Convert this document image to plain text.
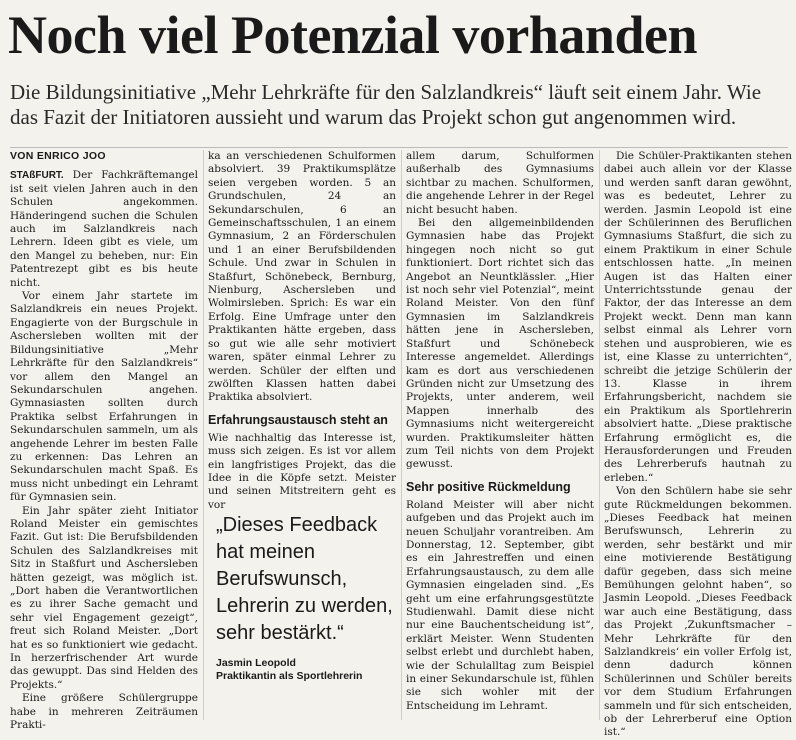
Noch viel Potenzial vorhanden
Die Bildungsinitiative „Mehr Lehrkräfte für den Salzlandkreis“ läuft seit einem Jahr. Wie das Fazit der Initiatoren aussieht und warum das Projekt schon gut angenommen wird.
VON ENRICO JOO

STAßFURT. Der Fachkräftemangel ist seit vielen Jahren auch in den Schulen angekommen. Händeringend suchen die Schulen auch im Salzlandkreis nach Lehrern. Ideen gibt es viele, um den Mangel zu beheben, nur: Ein Patentrezept gibt es bis heute nicht.

Vor einem Jahr startete im Salzlandkreis ein neues Projekt. Engagierte von der Burgschule in Aschersleben wollten mit der Bildungsinitiative „Mehr Lehrkräfte für den Salzlandkreis“ vor allem den Mangel an Sekundarschulen angehen. Gymnasiasten sollten durch Praktika selbst Erfahrungen in Sekundarschulen sammeln, um als angehende Lehrer im besten Falle zu erkennen: Das Lehren an Sekundarschulen macht Spaß. Es muss nicht unbedingt ein Lehramt für Gymnasien sein.

Ein Jahr später zieht Initiator Roland Meister ein gemischtes Fazit. Gut ist: Die Berufsbildenden Schulen des Salzlandkreises mit Sitz in Staßfurt und Aschersleben hätten gezeigt, was möglich ist. „Dort haben die Verantwortlichen es zu ihrer Sache gemacht und sehr viel Engagement gezeigt“, freut sich Roland Meister. „Dort hat es so funktioniert wie gedacht. In herzerfrischender Art wurde das gewuppt. Das sind Helden des Projekts.“

Eine größere Schülergruppe habe in mehreren Zeiträumen Prakti-

ka an verschiedenen Schulformen absolviert. 39 Praktikumsplätze seien vergeben worden. 5 an Grundschulen, 24 an Sekundarschulen, 6 an Gemeinschaftsschulen, 1 an einem Gymnasium, 2 an Förderschulen und 1 an einer Berufsbildenden Schule. Und zwar in Schulen in Staßfurt, Schönebeck, Bernburg, Nienburg, Aschersleben und Wolmirsleben. Sprich: Es war ein Erfolg. Eine Umfrage unter den Praktikanten hätte ergeben, dass so gut wie alle sehr motiviert waren, später einmal Lehrer zu werden. Schüler der elften und zwölften Klassen hatten dabei Praktika absolviert.

Erfahrungsaustausch steht an

Wie nachhaltig das Interesse ist, muss sich zeigen. Es ist vor allem ein langfristiges Projekt, das die Idee in die Köpfe setzt. Meister und seinen Mitstreitern geht es vor

„Dieses Feedback hat meinen Berufswunsch, Lehrerin zu werden, sehr bestärkt.“
Jasmin Leopold
Praktikantin als Sportlehrerin

allem darum, Schulformen außerhalb des Gymnasiums sichtbar zu machen. Schulformen, die angehende Lehrer in der Regel nicht besucht haben.

Bei den allgemeinbildenden Gymnasien habe das Projekt hingegen noch nicht so gut funktioniert. Dort richtet sich das Angebot an Neuntklässler. „Hier ist noch sehr viel Potenzial“, meint Roland Meister. Von den fünf Gymnasien im Salzlandkreis hätten jene in Aschersleben, Staßfurt und Schönebeck Interesse angemeldet. Allerdings kam es dort aus verschiedenen Gründen nicht zur Umsetzung des Projekts, unter anderem, weil Mappen innerhalb des Gymnasiums nicht weitergereicht wurden. Praktikumsleiter hätten zum Teil nichts von dem Projekt gewusst.

Sehr positive Rückmeldung

Roland Meister will aber nicht aufgeben und das Projekt auch im neuen Schuljahr vorantreiben. Am Donnerstag, 12. September, gibt es ein Jahrestreffen und einen Erfahrungsaustausch, zu dem alle Gymnasien eingeladen sind. „Es geht um eine erfahrungsgestützte Studienwahl. Damit diese nicht nur eine Bauchentscheidung ist“, erklärt Meister. Wenn Studenten selbst erlebt und durchlebt haben, wie der Schulalltag zum Beispiel in einer Sekundarschule ist, fühlen sie sich wohler mit der Entscheidung im Lehramt.

Die Schüler-Praktikanten stehen dabei auch allein vor der Klasse und werden sanft daran gewöhnt, was es bedeutet, Lehrer zu werden. Jasmin Leopold ist eine der Schülerinnen des Beruflichen Gymnasiums Staßfurt, die sich zu einem Praktikum in einer Schule entschlossen hatte. „In meinen Augen ist das Halten einer Unterrichtsstunde genau der Faktor, der das Interesse an dem Projekt weckt. Denn man kann selbst einmal als Lehrer vorn stehen und ausprobieren, wie es ist, eine Klasse zu unterrichten“, schreibt die jetzige Schülerin der 13. Klasse in ihrem Erfahrungsbericht, nachdem sie ein Praktikum als Sportlehrerin absolviert hatte. „Diese praktische Erfahrung ermöglicht es, die Herausforderungen und Freuden des Lehrerberufs hautnah zu erleben.“

Von den Schülern habe sie sehr gute Rückmeldungen bekommen. „Dieses Feedback hat meinen Berufswunsch, Lehrerin zu werden, sehr bestärkt und mir eine motivierende Bestätigung dafür gegeben, dass sich meine Bemühungen gelohnt haben“, so Jasmin Leopold. „Dieses Feedback war auch eine Bestätigung, dass das Projekt ‚Zukunftsmacher – Mehr Lehrkräfte für den Salzlandkreis‘ ein voller Erfolg ist, denn dadurch können Schülerinnen und Schüler bereits vor dem Studium Erfahrungen sammeln und für sich entscheiden, ob der Lehrerberuf eine Option ist.“
